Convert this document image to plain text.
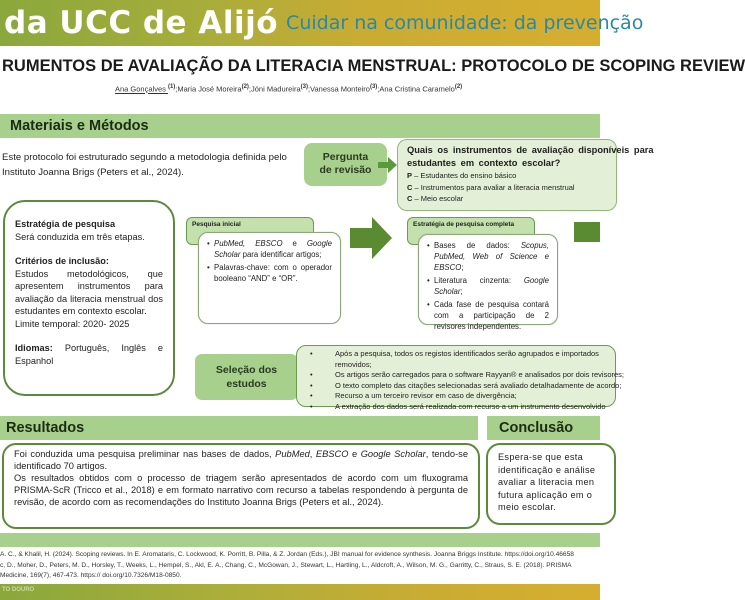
da UCC de Alijó Cuidar na comunidade: da prevenção
RUMENTOS DE AVALIAÇÃO DA LITERACIA MENSTRUAL: PROTOCOLO DE SCOPING REVIEW
Ana Gonçalves $^{(1)}$;Maria José Moreira$^{(2)}$;Jóni Madureira$^{(3)}$;Vanessa Monteiro$^{(3)}$;Ana Cristina Caramelo$^{(2)}$
Materiais e Métodos
Este protocolo foi estruturado segundo a metodologia definida pelo Instituto Joanna Brigs (Peters et al., 2024).

Estratégia de pesquisa

Será conduzida em três etapas.

Critérios de inclusão:

Estudos metodológicos, que apresentem instrumentos para avaliação da literacia menstrual dos estudantes em contexto escolar.

Limite temporal: 2020- 2025

Idiomas: Português, Inglês e Espanhol

Pergunta
de revisão
Quais os instrumentos de avaliação disponíveis para
estudantes em contexto escolar?
P – Estudantes do ensino básico
C – Instrumentos para avaliar a literacia menstrual
C – Meio escolar
Pesquisa inicial
• PubMed, EBSCO e Google Scholar para identificar artigos;
• Palavras-chave: com o operador booleano “AND” e “OR”.
Estratégia de pesquisa completa
• Bases de dados: Scopus, PubMed, Web of Science e EBSCO;
• Literatura cinzenta: Google Scholar;
• Cada fase de pesquisa contará com a participação de 2 revisores independentes.
Seleção dos
estudos
• Após a pesquisa, todos os registos identificados serão agrupados e importados
removidos;
• Os artigos serão carregados para o software Rayyan® e analisados por dois revisores;
• O texto completo das citações selecionadas será avaliado detalhadamente de acordo;
• Recurso a um terceiro revisor em caso de divergência;
• A extração dos dados será realizada com recurso a um instrumento desenvolvido
Resultados

Foi conduzida uma pesquisa preliminar nas bases de dados, PubMed, EBSCO e Google Scholar, tendo-se identificado 70 artigos.

Os resultados obtidos com o processo de triagem serão apresentados de acordo com um fluxograma PRISMA-ScR (Tricco et al., 2018) e em formato narrativo com recurso a tabelas respondendo à pergunta de revisão, de acordo com as recomendações do Instituto Joanna Brigs (Peters et al., 2024).

Conclusão
Espera-se que esta
identificação e análise
avaliar a literacia men
futura aplicação em o
meio escolar.
A. C., & Khalil, H. (2024). Scoping reviews. In E. Aromataris, C. Lockwood, K. Porritt, B. Pilla, & Z. Jordan (Eds.), JBI manual for evidence synthesis. Joanna Briggs Institute. https://doi.org/10.46658
c, D., Moher, D., Peters, M. D., Horsley, T., Weeks, L., Hempel, S., Akl, E. A., Chang, C., McGowan, J., Stewart, L., Hartling, L., Aldcroft, A., Wilson, M. G., Garritty, C., Straus, S. E. (2018). PRISMA
Medicine, 169(7), 467-473. https:// doi.org/10.7326/M18-0850.
TO DOURO
